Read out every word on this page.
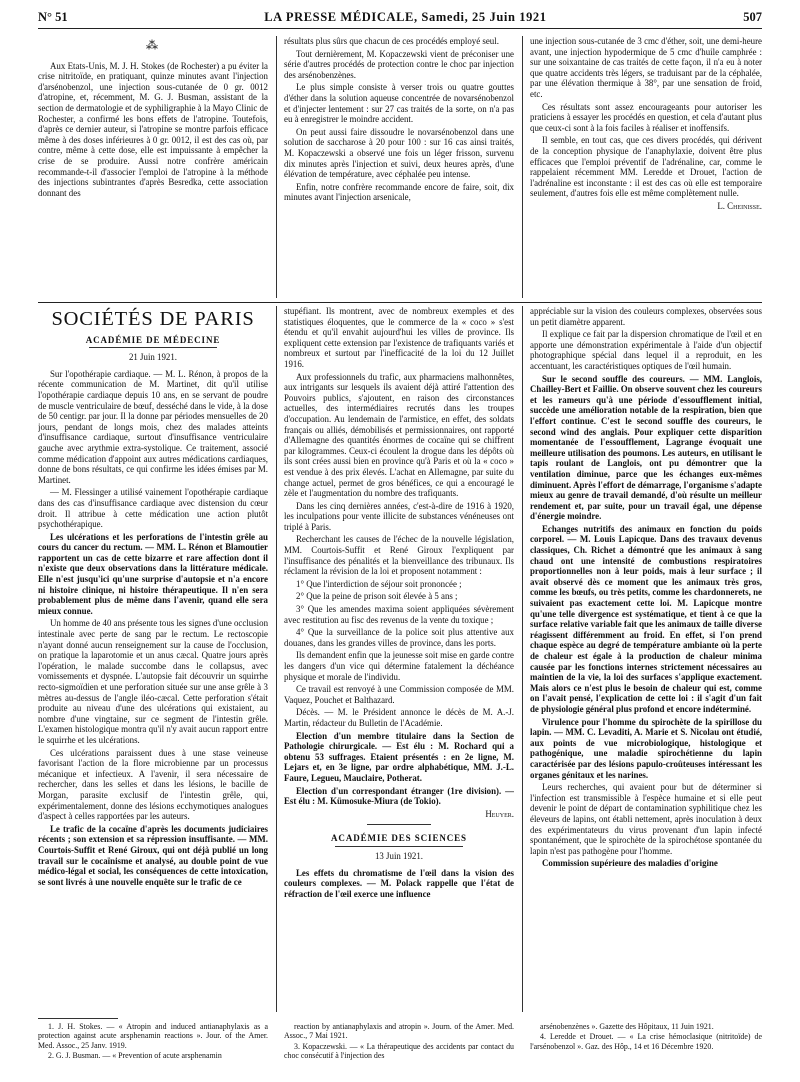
N° 51	LA PRESSE MÉDICALE, Samedi, 25 Juin 1921	507
⁂

Aux Etats-Unis, M. J. H. Stokes (de Rochester) a pu éviter la crise nitritoïde, en pratiquant, quinze minutes avant l'injection d'arsénobenzol, une injection sous-cutanée de 0 gr. 0012 d'atropine, et, récemment, M. G. J. Busman, assistant de la section de dermatologie et de syphiligraphie à la Mayo Clinic de Rochester, a confirmé les bons effets de l'atropine. Toutefois, d'après ce dernier auteur, si l'atropine se montre parfois efficace même à des doses inférieures à 0 gr. 0012, il est des cas où, par contre, même à cette dose, elle est impuissante à empêcher la crise de se produire. Aussi notre confrère américain recommande-t-il d'associer l'emploi de l'atropine à la méthode des injections subintrantes d'après Besredka, cette association donnant des

résultats plus sûrs que chacun de ces procédés employé seul.

Tout dernièrement, M. Kopaczewski vient de préconiser une série d'autres procédés de protection contre le choc par injection des arsénobenzènes.

Le plus simple consiste à verser trois ou quatre gouttes d'éther dans la solution aqueuse concentrée de novarsénobenzol et d'injecter lentement : sur 27 cas traités de la sorte, on n'a pas eu à enregistrer le moindre accident.

On peut aussi faire dissoudre le novarsénobenzol dans une solution de saccharose à 20 pour 100 : sur 16 cas ainsi traités, M. Kopaczewski a observé une fois un léger frisson, survenu dix minutes après l'injection et suivi, deux heures après, d'une élévation de température, avec céphalée peu intense.

Enfin, notre confrère recommande encore de faire, soit, dix minutes avant l'injection arsenicale,

une injection sous-cutanée de 3 cmc d'éther, soit, une demi-heure avant, une injection hypodermique de 5 cmc d'huile camphrée : sur une soixantaine de cas traités de cette façon, il n'a eu à noter que quatre accidents très légers, se traduisant par de la céphalée, par une élévation thermique à 38°, par une sensation de froid, etc.

Ces résultats sont assez encourageants pour autoriser les praticiens à essayer les procédés en question, et cela d'autant plus que ceux-ci sont à la fois faciles à réaliser et inoffensifs.

Il semble, en tout cas, que ces divers procédés, qui dérivent de la conception physique de l'anaphylaxie, doivent être plus efficaces que l'emploi préventif de l'adrénaline, car, comme le rappelaient récemment MM. Leredde et Drouet, l'action de l'adrénaline est inconstante : il est des cas où elle est temporaire seulement, d'autres fois elle est même complètement nulle.

L. Cheinisse.
SOCIÉTÉS DE PARIS
ACADÉMIE DE MÉDECINE
21 Juin 1921.

Sur l'opothérapie cardiaque. — M. L. Rénon, à propos de la récente communication de M. Martinet, dit qu'il utilise l'opothérapie cardiaque depuis 10 ans, en se servant de poudre de muscle ventriculaire de bœuf, desséché dans le vide, à la dose de 50 centigr. par jour. Il la donne par périodes mensuelles de 20 jours, pendant de longs mois, chez des malades atteints d'insuffisance cardiaque, surtout d'insuffisance ventriculaire gauche avec arythmie extra-systolique. Ce traitement, associé comme médication d'appoint aux autres médications cardiaques, donne de bons résultats, ce qui confirme les idées émises par M. Martinet.

— M. Flessinger a utilisé vainement l'opothérapie cardiaque dans des cas d'insuffisance cardiaque avec distension du cœur droit. Il attribue à cette médication une action plutôt psychothérapique.

Les ulcérations et les perforations de l'intestin grêle au cours du cancer du rectum. — MM. L. Rénon et Blamoutier rapportent un cas de cette bizarre et rare affection dont il n'existe que deux observations dans la littérature médicale. Elle n'est jusqu'ici qu'une surprise d'autopsie et n'a encore ni histoire clinique, ni histoire thérapeutique. Il n'en sera probablement plus de même dans l'avenir, quand elle sera mieux connue.

Un homme de 40 ans présente tous les signes d'une occlusion intestinale avec perte de sang par le rectum. Le rectoscopie n'ayant donné aucun renseignement sur la cause de l'occlusion, on pratique la laparotomie et un anus cæcal. Quatre jours après l'opération, le malade succombe dans le collapsus, avec vomissements et dyspnée. L'autopsie fait découvrir un squirrhe recto-sigmoïdien et une perforation située sur une anse grêle à 3 mètres au-dessus de l'angle iléo-cæcal. Cette perforation s'était produite au niveau d'une des ulcérations qui existaient, au nombre d'une vingtaine, sur ce segment de l'intestin grêle. L'examen histologique montra qu'il n'y avait aucun rapport entre le squirrhe et les ulcérations.

Ces ulcérations paraissent dues à une stase veineuse favorisant l'action de la flore microbienne par un processus mécanique et infectieux. A l'avenir, il sera nécessaire de rechercher, dans les selles et dans les lésions, le bacille de Morgan, parasite exclusif de l'intestin grêle, qui, expérimentalement, donne des lésions ecchymotiques analogues d'aspect à celles rapportées par les auteurs.

Le trafic de la cocaïne d'après les documents judiciaires récents ; son extension et sa répression insuffisante. — MM. Courtois-Suffit et René Giroux, qui ont déjà publié un long travail sur le cocaïnisme et analysé, au double point de vue médico-légal et social, les conséquences de cette intoxication, se sont livrés à une nouvelle enquête sur le trafic de ce

stupéfiant. Ils montrent, avec de nombreux exemples et des statistiques éloquentes, que le commerce de la « coco » s'est étendu et qu'il envahit aujourd'hui les villes de province. Ils expliquent cette extension par l'existence de trafiquants variés et nombreux et surtout par l'inefficacité de la loi du 12 Juillet 1916.

Aux professionnels du trafic, aux pharmaciens malhonnêtes, aux intrigants sur lesquels ils avaient déjà attiré l'attention des Pouvoirs publics, s'ajoutent, en raison des circonstances actuelles, des intermédiaires recrutés dans les troupes d'occupation. Au lendemain de l'armistice, en effet, des soldats français ou alliés, démobilisés et permissionnaires, ont rapporté d'Allemagne des quantités énormes de cocaïne qui se chiffrent par kilogrammes. Ceux-ci écoulent la drogue dans les dépôts où ils sont crées aussi bien en province qu'à Paris et où la « coco » est vendue à des prix élevés. L'achat en Allemagne, par suite du change actuel, permet de gros bénéfices, ce qui a encouragé le zèle et l'augmentation du nombre des trafiquants.

Dans les cinq dernières années, c'est-à-dire de 1916 à 1920, les inculpations pour vente illicite de substances vénéneuses ont triplé à Paris.

Recherchant les causes de l'échec de la nouvelle législation, MM. Courtois-Suffit et René Giroux l'expliquent par l'insuffisance des pénalités et la bienveillance des tribunaux. Ils réclament la révision de la loi et proposent notamment :

1° Que l'interdiction de séjour soit prononcée ;

2° Que la peine de prison soit élevée à 5 ans ;

3° Que les amendes maxima soient appliquées sévèrement avec restitution au fisc des revenus de la vente du toxique ;

4° Que la surveillance de la police soit plus attentive aux douanes, dans les grandes villes de province, dans les ports.

Ils demandent enfin que la jeunesse soit mise en garde contre les dangers d'un vice qui détermine fatalement la déchéance physique et morale de l'individu.

Ce travail est renvoyé à une Commission composée de MM. Vaquez, Pouchet et Balthazard.

Décès. — M. le Président annonce le décès de M. A.-J. Martin, rédacteur du Bulletin de l'Académie.

Election d'un membre titulaire dans la Section de Pathologie chirurgicale. — Est élu : M. Rochard qui a obtenu 53 suffrages. Etaient présentés : en 2e ligne, M. Lejars et, en 3e ligne, par ordre alphabétique, MM. J.-L. Faure, Legueu, Mauclaire, Potherat.

Election d'un correspondant étranger (1re division). — Est élu : M. Kümosuke-Miura (de Tokio).

Heuyer.
ACADÉMIE DES SCIENCES
13 Juin 1921.

Les effets du chromatisme de l'œil dans la vision des couleurs complexes. — M. Polack rappelle que l'état de réfraction de l'œil exerce une influence

appréciable sur la vision des couleurs complexes, observées sous un petit diamètre apparent.

Il explique ce fait par la dispersion chromatique de l'œil et en apporte une démonstration expérimentale à l'aide d'un objectif photographique spécial dans lequel il a reproduit, en les accentuant, les caractéristiques optiques de l'œil humain.

Sur le second souffle des coureurs. — MM. Langlois, Chailley-Bert et Faillie. On observe souvent chez les coureurs et les rameurs qu'à une période d'essoufflement initial, succède une amélioration notable de la respiration, bien que l'effort continue. C'est le second souffle des coureurs, le second wind des anglais. Pour expliquer cette disparition momentanée de l'essoufflement, Lagrange évoquait une meilleure utilisation des poumons. Les auteurs, en utilisant le tapis roulant de Langlois, ont pu démontrer que la ventilation diminue, parce que les échanges eux-mêmes diminuent. Après l'effort de démarrage, l'organisme s'adapte mieux au genre de travail demandé, d'où résulte un meilleur rendement et, par suite, pour un travail égal, une dépense d'énergie moindre.

Echanges nutritifs des animaux en fonction du poids corporel. — M. Louis Lapicque. Dans des travaux devenus classiques, Ch. Richet a démontré que les animaux à sang chaud ont une intensité de combustions respiratoires proportionnelles non à leur poids, mais à leur surface ; il avait observé dès ce moment que les animaux très gros, comme les bœufs, ou très petits, comme les chardonnerets, ne suivaient pas exactement cette loi. M. Lapicque montre qu'une telle divergence est systématique, et tient à ce que la surface relative variable fait que les animaux de taille diverse réagissent différemment au froid. En effet, si l'on prend chaque espèce au degré de température ambiante où la perte de chaleur est égale à la production de chaleur minima causée par les fonctions internes strictement nécessaires au maintien de la vie, la loi des surfaces s'applique exactement. Mais alors ce n'est plus le besoin de chaleur qui est, comme on l'avait pensé, l'explication de cette loi : il s'agit d'un fait de physiologie général plus profond et encore indéterminé.

Virulence pour l'homme du spirochète de la spirillose du lapin. — MM. C. Levaditi, A. Marie et S. Nicolau ont étudié, aux points de vue microbiologique, histologique et pathogénique, une maladie spirochétienne du lapin caractérisée par des lésions papulo-croûteuses intéressant les organes génitaux et les narines.

Leurs recherches, qui avaient pour but de déterminer si l'infection est transmissible à l'espèce humaine et si elle peut devenir le point de départ de contamination syphilitique chez les éleveurs de lapins, ont établi nettement, après inoculation à deux des expérimentateurs du virus provenant d'un lapin infecté spontanément, que le spirochète de la spirochétose spontanée du lapin n'est pas pathogène pour l'homme.

Commission supérieure des maladies d'origine

1. J. H. Stokes. — « Atropin and induced antianaphylaxis as a protection against acute arsphenamin reactions ». Jour. of the Amer. Med. Assoc., 25 Janv. 1919.

2. G. J. Busman. — « Prevention of acute arsphenamin

reaction by antianaphylaxis and atropin ». Journ. of the Amer. Med. Assoc., 7 Mai 1921.

3. Kopaczewski. — « La thérapeutique des accidents par contact du choc consécutif à l'injection des

arsénobenzènes ». Gazette des Hôpitaux, 11 Juin 1921.

4. Leredde et Drouet. — « La crise hémoclasique (nitritoïde) de l'arsénobenzol ». Gaz. des Hôp., 14 et 16 Décembre 1920.
